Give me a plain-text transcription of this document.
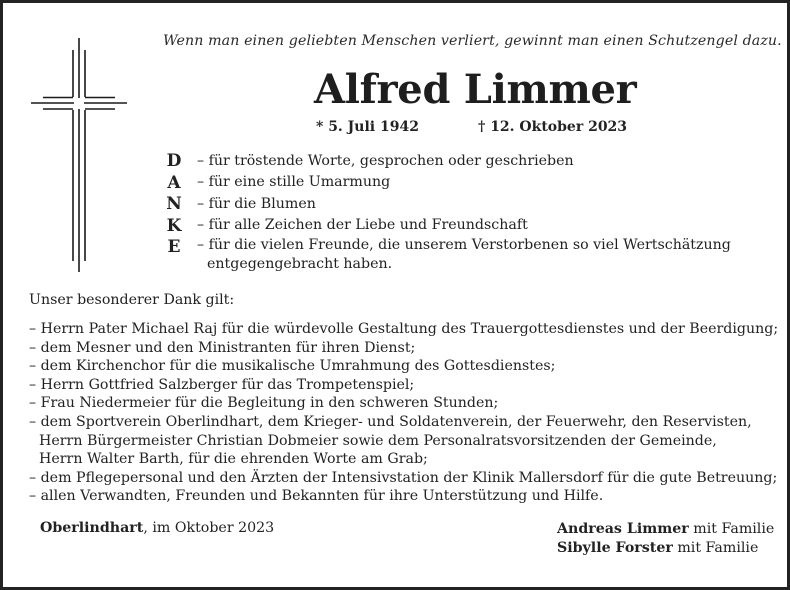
Wenn man einen geliebten Menschen verliert, gewinnt man einen Schutzengel dazu.
Alfred Limmer
* 5. Juli 1942	† 12. Oktober 2023
D
A
N
K
E
– für tröstende Worte, gesprochen oder geschrieben
– für eine stille Umarmung
– für die Blumen
– für alle Zeichen der Liebe und Freundschaft
– für die vielen Freunde, die unserem Verstorbenen so viel Wertschätzung
entgegengebracht haben.
Unser besonderer Dank gilt:
– Herrn Pater Michael Raj für die würdevolle Gestaltung des Trauergottesdienstes und der Beerdigung;
– dem Mesner und den Ministranten für ihren Dienst;
– dem Kirchenchor für die musikalische Umrahmung des Gottesdienstes;
– Herrn Gottfried Salzberger für das Trompetenspiel;
– Frau Niedermeier für die Begleitung in den schweren Stunden;
– dem Sportverein Oberlindhart, dem Krieger- und Soldatenverein, der Feuerwehr, den Reservisten,
Herrn Bürgermeister Christian Dobmeier sowie dem Personalratsvorsitzenden der Gemeinde,
Herrn Walter Barth, für die ehrenden Worte am Grab;
– dem Pflegepersonal und den Ärzten der Intensivstation der Klinik Mallersdorf für die gute Betreuung;
– allen Verwandten, Freunden und Bekannten für ihre Unterstützung und Hilfe.
Oberlindhart, im Oktober 2023	Andreas Limmer mit Familie
Sibylle Forster mit Familie
